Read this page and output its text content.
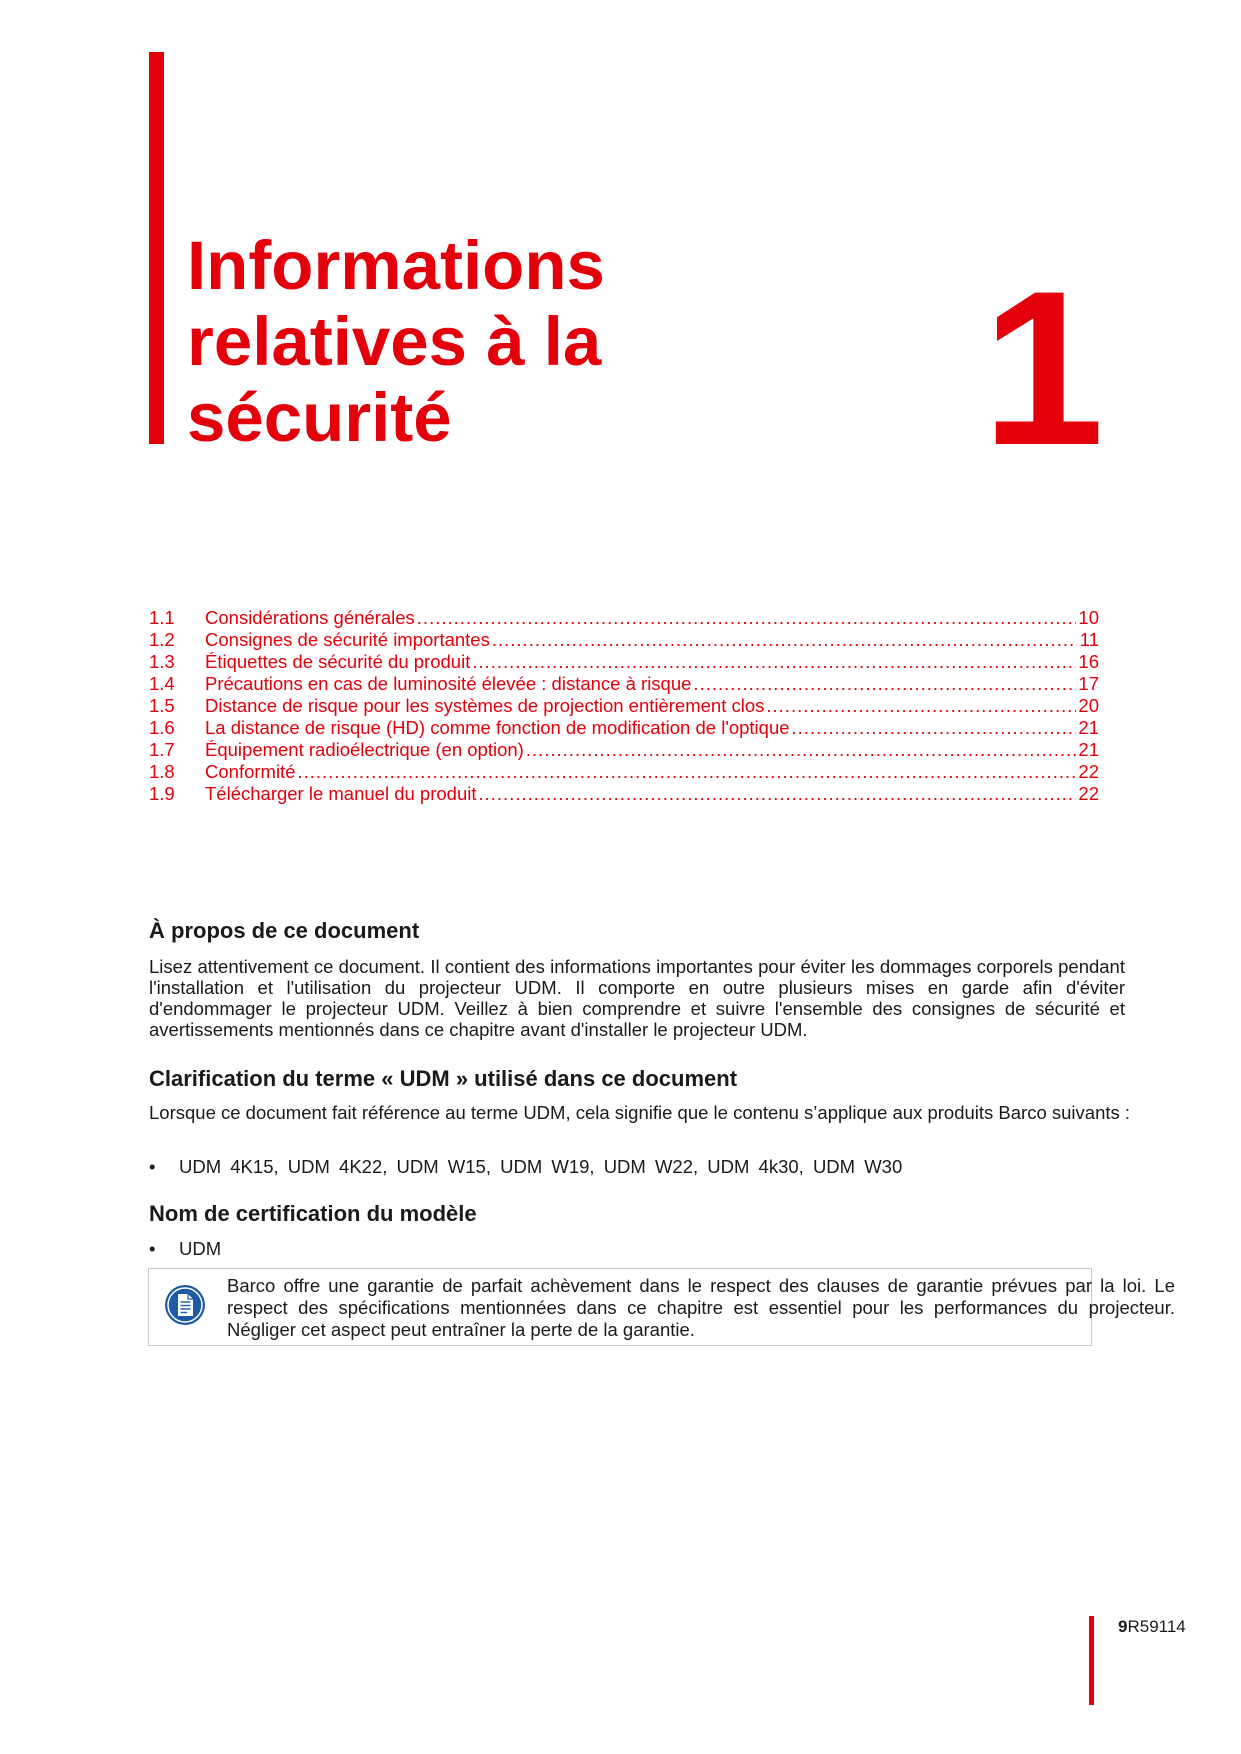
Informations
relatives à la
sécurité	1
1.1	Considérations générales .....	10
1.2	Consignes de sécurité importantes .....	11
1.3	Étiquettes de sécurité du produit .....	16
1.4	Précautions en cas de luminosité élevée : distance à risque .....	17
1.5	Distance de risque pour les systèmes de projection entièrement clos .....	20
1.6	La distance de risque (HD) comme fonction de modification de l'optique .....	21
1.7	Équipement radioélectrique (en option) .....	21
1.8	Conformité .....	22
1.9	Télécharger le manuel du produit .....	22
À propos de ce document

Lisez attentivement ce document. Il contient des informations importantes pour éviter les dommages corporels pendant l'installation et l'utilisation du projecteur UDM. Il comporte en outre plusieurs mises en garde afin d'éviter d'endommager le projecteur UDM. Veillez à bien comprendre et suivre l'ensemble des consignes de sécurité et avertissements mentionnés dans ce chapitre avant d'installer le projecteur UDM.

Clarification du terme « UDM » utilisé dans ce document

Lorsque ce document fait référence au terme UDM, cela signifie que le contenu s’applique aux produits Barco suivants :

•	UDM 4K15, UDM 4K22, UDM W15, UDM W19, UDM W22, UDM 4k30, UDM W30
Nom de certification du modèle
•	UDM

Barco offre une garantie de parfait achèvement dans le respect des clauses de garantie prévues par la loi. Le respect des spécifications mentionnées dans ce chapitre est essentiel pour les performances du projecteur. Négliger cet aspect peut entraîner la perte de la garantie.

9R59114
